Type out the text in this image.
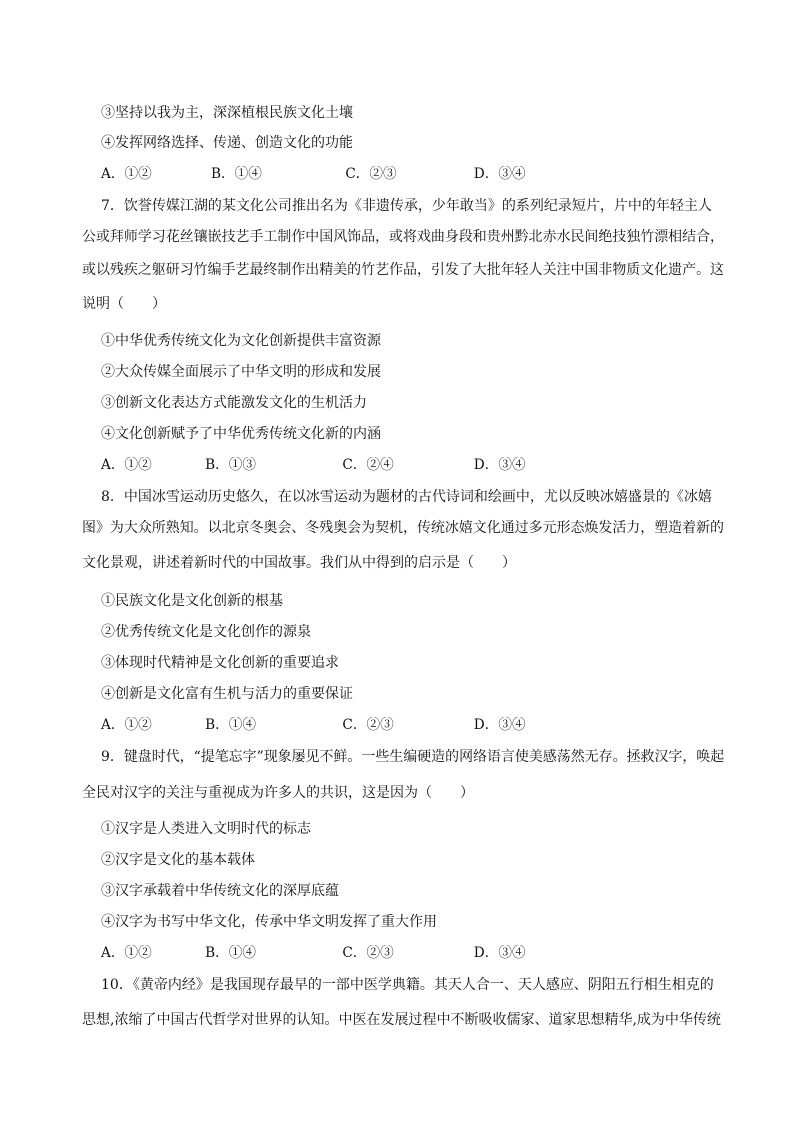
③坚持以我为主，深深植根民族文化土壤
④发挥网络选择、传递、创造文化的功能
A．①②	B．①④	C．②③	D．③④
7．饮誉传媒江湖的某文化公司推出名为《非遗传承，少年敢当》的系列纪录短片，片中的年轻主人
公或拜师学习花丝镶嵌技艺手工制作中国风饰品，或将戏曲身段和贵州黔北赤水民间绝技独竹漂相结合，
或以残疾之躯研习竹编手艺最终制作出精美的竹艺作品，引发了大批年轻人关注中国非物质文化遗产。这
说明（　　）
①中华优秀传统文化为文化创新提供丰富资源
②大众传媒全面展示了中华文明的形成和发展
③创新文化表达方式能激发文化的生机活力
④文化创新赋予了中华优秀传统文化新的内涵
A．①②	B．①③	C．②④	D．③④
8．中国冰雪运动历史悠久，在以冰雪运动为题材的古代诗词和绘画中，尤以反映冰嬉盛景的《冰嬉
图》为大众所熟知。以北京冬奥会、冬残奥会为契机，传统冰嬉文化通过多元形态焕发活力，塑造着新的
文化景观，讲述着新时代的中国故事。我们从中得到的启示是（　　）
①民族文化是文化创新的根基
②优秀传统文化是文化创作的源泉
③体现时代精神是文化创新的重要追求
④创新是文化富有生机与活力的重要保证
A．①②	B．①④	C．②③	D．③④
9．键盘时代，“提笔忘字”现象屡见不鲜。一些生编硬造的网络语言使美感荡然无存。拯救汉字，唤起
全民对汉字的关注与重视成为许多人的共识，这是因为（　　）
①汉字是人类进入文明时代的标志
②汉字是文化的基本载体
③汉字承载着中华传统文化的深厚底蕴
④汉字为书写中华文化，传承中华文明发挥了重大作用
A．①②	B．①④	C．②③	D．③④
10．《黄帝内经》是我国现存最早的一部中医学典籍。其天人合一、天人感应、阴阳五行相生相克的
思想,浓缩了中国古代哲学对世界的认知。中医在发展过程中不断吸收儒家、道家思想精华,成为中华传统
